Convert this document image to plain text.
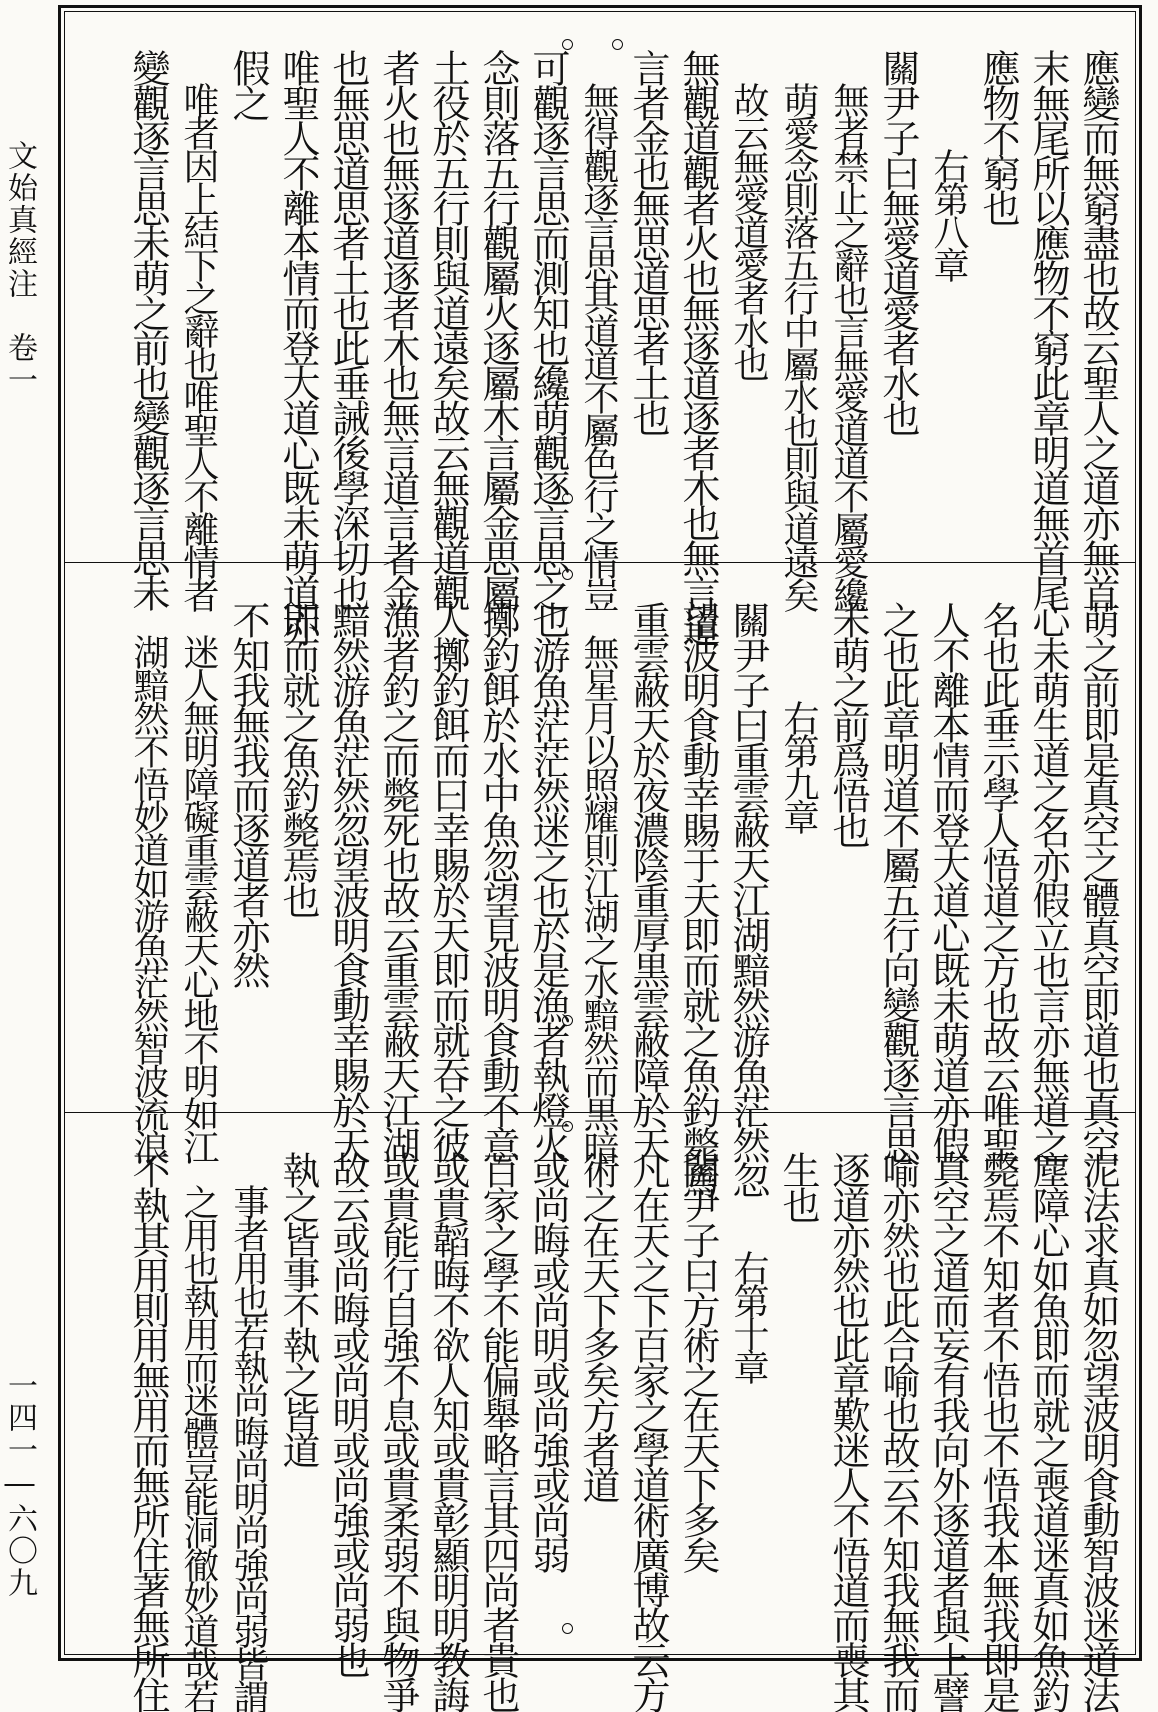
文始真經注　卷一
一四一―六〇九
應變而無窮盡也故云聖人之道亦無首
末無尾所以應物不窮此章明道無首尾
應物不窮也
　　　右第八章
關尹子曰無愛道愛者水也
　無者禁止之辭也言無愛道道不屬愛纔
　萌愛念則落五行中屬水也則與道遠矣
　故云無愛道愛者水也
無觀道觀者火也無逐道逐者木也無言道
言者金也無思道思者土也
　無得觀逐言思其道道不屬色行之情豈
可觀逐言思而測知也纔萌觀逐言思之
念則落五行觀屬火逐屬木言屬金思屬
土役於五行則與道遠矣故云無觀道觀
者火也無逐道逐者木也無言道言者金
也無思道思者土也此垂誡後學深切也
唯聖人不離本情而登大道心既未萌道亦
假之
　唯者因上結下之辭也唯聖人不離情者
變觀逐言思未萌之前也變觀逐言思未
萌之前即是真空之體真空即道也真空
心未萌生道之名亦假立也言亦無道之
名也此垂示學人悟道之方也故云唯聖
人不離本情而登大道心既未萌道亦假
之也此章明道不屬五行向變觀逐言思
未萌之前爲悟也
　　　右第九章
關尹子曰重雲蔽天江湖黯然游魚茫然忽
望波明食動幸賜于天即而就之魚釣斃焉
重雲蔽天於夜濃陰重厚黒雲蔽障於天
　無星月以照耀則江湖之水黯然而黒暗
也游魚茫茫然迷之也於是漁者執燈火
擲釣餌於水中魚忽望見波明食動不意
人擲釣餌而曰幸賜於天即而就吞之彼
漁者釣之而斃死也故云重雲蔽天江湖
黯然游魚茫然忽望波明食動幸賜於天
即而就之魚釣斃焉也
不知我無我而逐道者亦然
　迷人無明障礙重雲蔽天心地不明如江
　湖黯然不悟妙道如游魚茫然智波流浪
泥法求真如忽望波明食動智波迷道法
塵障心如魚即而就之喪道迷真如魚釣
斃焉不知者不悟也不悟我本無我即是
真空之道而妄有我向外逐道者與上譬
喻亦然也此合喻也故云不知我無我而
逐道亦然也此章歎迷人不悟道而喪其
生也
　　　右第十章
關尹子曰方術之在天下多矣
凡在天之下百家之學道術廣博故云方
術之在天下多矣方者道
或尚晦或尚明或尚強或尚弱
百家之學不能偏舉略言其四尚者貴也
或貴韜晦不欲人知或貴彰顯明明教誨
或貴能行自強不息或貴柔弱不與物爭
故云或尚晦或尚明或尚強或尚弱也
執之皆事不執之皆道
　事者用也若執尚晦尚明尚強尚弱皆謂
　之用也執用而迷體豈能洞徹妙道哉若
不執其用則用無用而無所住著無所住
